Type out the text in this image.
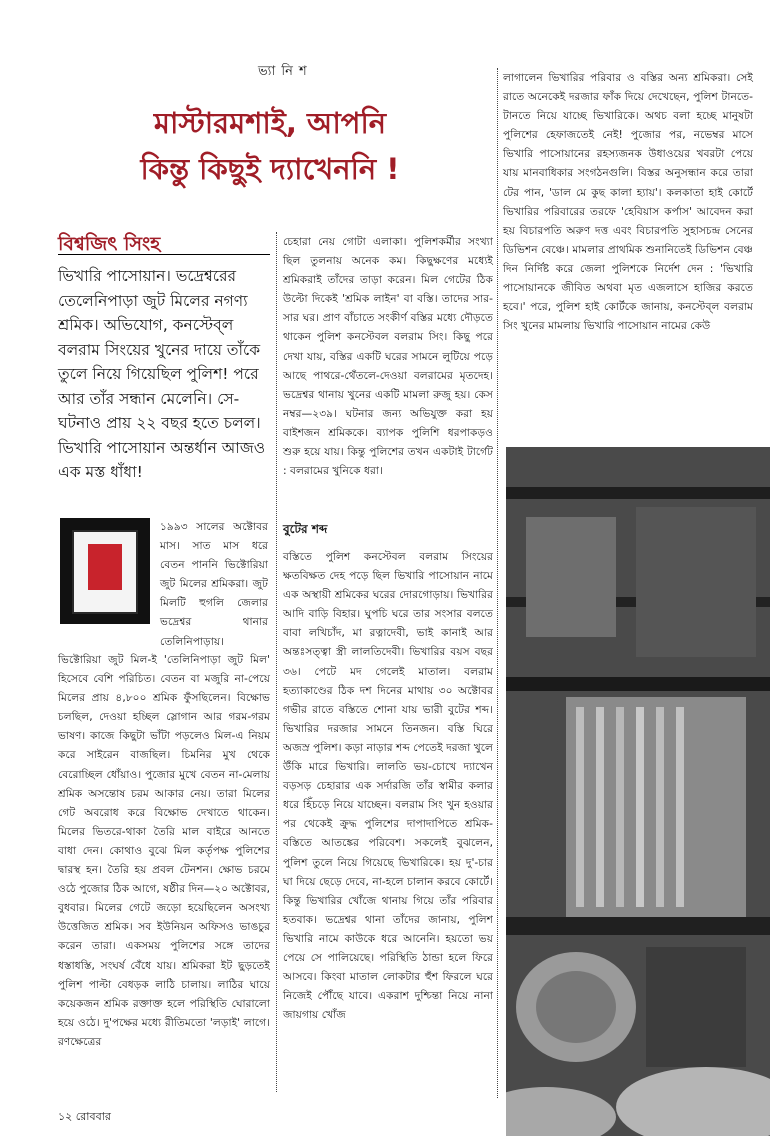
ভ্যা নি শ
মাস্টারমশাই, আপনি
কিন্তু কিছুই দ্যাখেননি !
বিশ্বজিৎ সিংহ
ভিখারি পাসোয়ান। ভদ্রেশ্বরের তেলেনিপাড়া জুট মিলের নগণ্য শ্রমিক। অভিযোগ, কনস্টেব্‌ল বলরাম সিংয়ের খুনের দায়ে তাঁকে তুলে নিয়ে গিয়েছিল পুলিশ! পরে আর তাঁর সন্ধান মেলেনি। সে-ঘটনাও প্রায় ২২ বছর হতে চলল। ভিখারি পাসোয়ান অন্তর্ধান আজও এক মস্ত ধাঁধা!
১৯৯৩ সালের অক্টোবর মাস। সাত মাস ধরে বেতন পাননি ভিক্টোরিয়া জুট মিলের শ্রমিকরা। জুট মিলটি হুগলি জেলার ভদ্রেশ্বর থানার তেলিনিপাড়ায়।
ভিক্টোরিয়া জুট মিল-ই 'তেলিনিপাড়া জুট মিল' হিসেবে বেশি পরিচিত। বেতন বা মজুরি না-পেয়ে মিলের প্রায় ৪,৮০০ শ্রমিক ফুঁসছিলেন। বিক্ষোভ চলছিল, দেওয়া হচ্ছিল স্লোগান আর গরম-গরম ভাষণ। কাজে কিছুটা ভাঁটা পড়লেও মিল-এ নিয়ম করে সাইরেন বাজছিল। চিমনির মুখ থেকে বেরোচ্ছিল ধোঁয়াও। পুজোর মুখে বেতন না-মেলায় শ্রমিক অসন্তোষ চরম আকার নেয়। তারা মিলের গেট অবরোধ করে বিক্ষোভ দেখাতে থাকেন। মিলের ভিতরে-থাকা তৈরি মাল বাইরে আনতে বাধা দেন। কোথাও বুঝে মিল কর্তৃপক্ষ পুলিশের দ্বারস্থ হন। তৈরি হয় প্রবল টেনশন। ক্ষোভ চরমে ওঠে পুজোর ঠিক আগে, ষষ্ঠীর দিন—২০ অক্টোবর, বুধবার। মিলের গেটে জড়ো হয়েছিলেন অসংখ্য উত্তেজিত শ্রমিক। সব ইউনিয়ন অফিসও ভাঙচুর করেন তারা। একসময় পুলিশের সঙ্গে তাদের ধস্তাধস্তি, সংঘর্ষ বেঁধে যায়। শ্রমিকরা ইট ছুড়তেই পুলিশ পাল্টা বেধড়ক লাঠি চালায়। লাঠির ঘায়ে কয়েকজন শ্রমিক রক্তাক্ত হলে পরিস্থিতি ঘোরালো হয়ে ওঠে। দু'পক্ষের মধ্যে রীতিমতো 'লড়াই' লাগে। রণক্ষেত্রের
চেহারা নেয় গোটা এলাকা। পুলিশকর্মীর সংখ্যা ছিল তুলনায় অনেক কম। কিছুক্ষণের মধ্যেই শ্রমিকরাই তাঁদের তাড়া করেন। মিল গেটের ঠিক উল্টো দিকেই 'শ্রমিক লাইন' বা বস্তি। তাদের সার-সার ঘর। প্রাণ বাঁচাতে সংকীর্ণ বস্তির মধ্যে দৌড়তে থাকেন পুলিশ কনস্টেবল বলরাম সিং। কিছু পরে দেখা যায়, বস্তির একটি ঘরের সামনে লুটিয়ে পড়ে আছে পাথরে-থেঁতলে-দেওয়া বলরামের মৃতদেহ। ভদ্রেশ্বর থানায় খুনের একটি মামলা রুজু হয়। কেস নম্বর—২৩৯। ঘটনার জন্য অভিযুক্ত করা হয় বাইশজন শ্রমিককে। ব্যাপক পুলিশি ধরপাকড়ও শুরু হয়ে যায়। কিন্তু পুলিশের তখন একটাই টার্গেট : বলরামের খুনিকে ধরা।
বুটের শব্দ
বস্তিতে পুলিশ কনস্টেবল বলরাম সিংয়ের ক্ষতবিক্ষত দেহ পড়ে ছিল ভিখারি পাসোয়ান নামে এক অস্থায়ী শ্রমিকের ঘরের দোরগোড়ায়। ভিখারির আদি বাড়ি বিহার। ঘুপচি ঘরে তার সংসার বলতে বাবা লখিচাঁদ, মা রত্নাদেবী, ভাই কানাই আর অন্তঃসত্ত্বা স্ত্রী লালতিদেবী। ভিখারির বয়স বছর ৩৬। পেটে মদ গেলেই মাতাল। বলরাম হত্যাকাণ্ডের ঠিক দশ দিনের মাথায় ৩০ অক্টোবর গভীর রাতে বস্তিতে শোনা যায় ভারী বুটের শব্দ। ভিখারির দরজার সামনে তিনজন। বস্তি ঘিরে অজস্র পুলিশ। কড়া নাড়ার শব্দ পেতেই দরজা খুলে উঁকি মারে ভিখারি। লালতি ভয়-চোখে দ্যাখেন বড়সড় চেহারার এক সর্দারজি তাঁর স্বামীর কলার ধরে হিঁচড়ে নিয়ে যাচ্ছেন। বলরাম সিং খুন হওয়ার পর থেকেই ক্রুদ্ধ পুলিশের দাপাদাপিতে শ্রমিক-বস্তিতে আতঙ্কের পরিবেশ। সকলেই বুঝলেন, পুলিশ তুলে নিয়ে গিয়েছে ভিখারিকে। হয় দু'-চার ঘা দিয়ে ছেড়ে দেবে, না-হলে চালান করবে কোর্টে। কিন্তু ভিখারির খোঁজে থানায় গিয়ে তাঁর পরিবার হতবাক। ভদ্রেশ্বর থানা তাঁদের জানায়, পুলিশ ভিখারি নামে কাউকে ধরে আনেনি। হয়তো ভয় পেয়ে সে পালিয়েছে। পরিস্থিতি ঠান্ডা হলে ফিরে আসবে। কিংবা মাতাল লোকটার হুঁশ ফিরলে ঘরে নিজেই পৌঁছে যাবে। একরাশ দুশ্চিন্তা নিয়ে নানা জায়গায় খোঁজ
লাগালেন ভিখারির পরিবার ও বস্তির অন্য শ্রমিকরা। সেই রাতে অনেকেই দরজার ফাঁক দিয়ে দেখেছেন, পুলিশ টানতে-টানতে নিয়ে যাচ্ছে ভিখারিকে। অথচ বলা হচ্ছে মানুষটা পুলিশের হেফাজতেই নেই! পুজোর পর, নভেম্বর মাসে ভিখারি পাসোয়ানের রহস্যজনক উধাওয়ের খবরটা পেয়ে যায় মানবাধিকার সংগঠনগুলি। বিস্তর অনুসন্ধান করে তারা টের পান, 'ডাল মে কুছ কালা হ্যায়'। কলকাতা হাই কোর্টে ভিখারির পরিবারের তরফে 'হেবিয়াস কর্পাস' আবেদন করা হয় বিচারপতি অরুণ দত্ত এবং বিচারপতি সুহাসচন্দ্র সেনের ডিভিশন বেঞ্চে। মামলার প্রাথমিক শুনানিতেই ডিভিশন বেঞ্চ দিন নির্দিষ্ট করে জেলা পুলিশকে নির্দেশ দেন : 'ভিখারি পাসোয়ানকে জীবিত অথবা মৃত এজলাসে হাজির করতে হবে।' পরে, পুলিশ হাই কোর্টকে জানায়, কনস্টেব্‌ল বলরাম সিং খুনের মামলায় ভিখারি পাসোয়ান নামের কেউ
১২ রোববার
